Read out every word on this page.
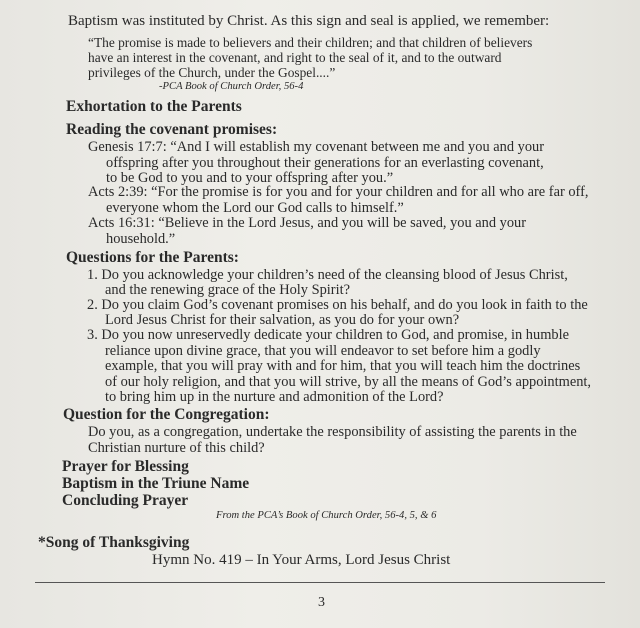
Baptism was instituted by Christ. As this sign and seal is applied, we remember:
“The promise is made to believers and their children; and that children of believers
have an interest in the covenant, and right to the seal of it, and to the outward
privileges of the Church, under the Gospel....”
-PCA Book of Church Order, 56-4
Exhortation to the Parents
Reading the covenant promises:
Genesis 17:7: “And I will establish my covenant between me and you and your
offspring after you throughout their generations for an everlasting covenant,
to be God to you and to your offspring after you.”
Acts 2:39: “For the promise is for you and for your children and for all who are far off,
everyone whom the Lord our God calls to himself.”
Acts 16:31: “Believe in the Lord Jesus, and you will be saved, you and your
household.”
Questions for the Parents:
1. Do you acknowledge your children’s need of the cleansing blood of Jesus Christ,
and the renewing grace of the Holy Spirit?
2. Do you claim God’s covenant promises on his behalf, and do you look in faith to the
Lord Jesus Christ for their salvation, as you do for your own?
3. Do you now unreservedly dedicate your children to God, and promise, in humble
reliance upon divine grace, that you will endeavor to set before him a godly
example, that you will pray with and for him, that you will teach him the doctrines
of our holy religion, and that you will strive, by all the means of God’s appointment,
to bring him up in the nurture and admonition of the Lord?
Question for the Congregation:
Do you, as a congregation, undertake the responsibility of assisting the parents in the
Christian nurture of this child?
Prayer for Blessing
Baptism in the Triune Name
Concluding Prayer
From the PCA’s Book of Church Order, 56-4, 5, & 6
*Song of Thanksgiving
Hymn No. 419 – In Your Arms, Lord Jesus Christ
3
